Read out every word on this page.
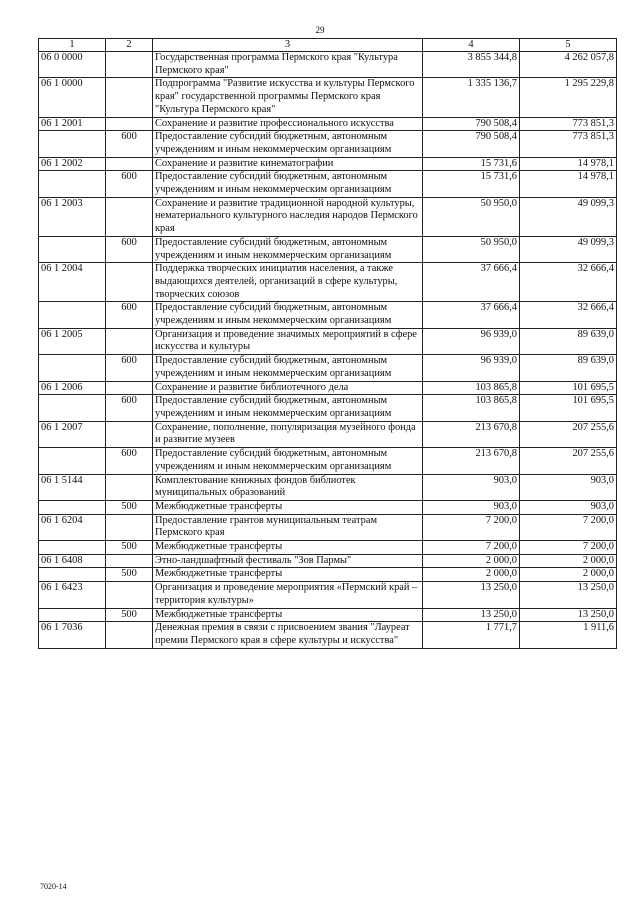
29
1	2	3	4	5
06 0 0000		Государственная программа Пермского края "Культура Пермского края"	3 855 344,8	4 262 057,8
06 1 0000		Подпрограмма "Развитие искусства и культуры Пермского края" государственной программы Пермского края "Культура Пермского края"	1 335 136,7	1 295 229,8
06 1 2001		Сохранение и развитие профессионального искусства	790 508,4	773 851,3
	600	Предоставление субсидий бюджетным, автономным учреждениям и иным некоммерческим организациям	790 508,4	773 851,3
06 1 2002		Сохранение и развитие кинематографии	15 731,6	14 978,1
	600	Предоставление субсидий бюджетным, автономным учреждениям и иным некоммерческим организациям	15 731,6	14 978,1
06 1 2003		Сохранение и развитие традиционной народной культуры, нематериального культурного наследия народов Пермского края	50 950,0	49 099,3
	600	Предоставление субсидий бюджетным, автономным учреждениям и иным некоммерческим организациям	50 950,0	49 099,3
06 1 2004		Поддержка творческих инициатив населения, а также выдающихся деятелей, организаций в сфере культуры, творческих союзов	37 666,4	32 666,4
	600	Предоставление субсидий бюджетным, автономным учреждениям и иным некоммерческим организациям	37 666,4	32 666,4
06 1 2005		Организация и проведение значимых мероприятий в сфере искусства и культуры	96 939,0	89 639,0
	600	Предоставление субсидий бюджетным, автономным учреждениям и иным некоммерческим организациям	96 939,0	89 639,0
06 1 2006		Сохранение и развитие библиотечного дела	103 865,8	101 695,5
	600	Предоставление субсидий бюджетным, автономным учреждениям и иным некоммерческим организациям	103 865,8	101 695,5
06 1 2007		Сохранение, пополнение, популяризация музейного фонда и развитие музеев	213 670,8	207 255,6
	600	Предоставление субсидий бюджетным, автономным учреждениям и иным некоммерческим организациям	213 670,8	207 255,6
06 1 5144		Комплектование книжных фондов библиотек муниципальных образований	903,0	903,0
	500	Межбюджетные трансферты	903,0	903,0
06 1 6204		Предоставление грантов муниципальным театрам Пермского края	7 200,0	7 200,0
	500	Межбюджетные трансферты	7 200,0	7 200,0
06 1 6408		Этно-ландшафтный фестиваль "Зов Пармы"	2 000,0	2 000,0
	500	Межбюджетные трансферты	2 000,0	2 000,0
06 1 6423		Организация и проведение мероприятия «Пермский край – территория культуры»	13 250,0	13 250,0
	500	Межбюджетные трансферты	13 250,0	13 250,0
06 1 7036		Денежная премия в связи с присвоением звания "Лауреат премии Пермского края в сфере культуры и искусства"	1 771,7	1 911,6
7020-14
